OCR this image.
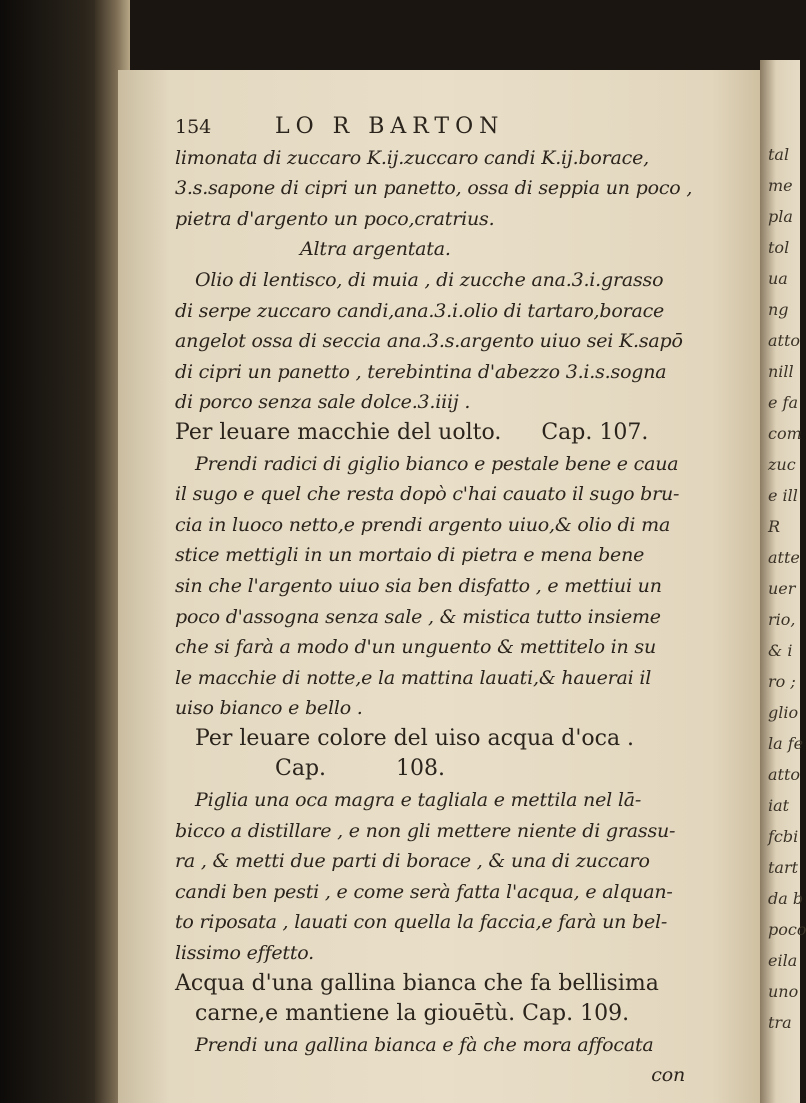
tal
me
pla
tol
ua
ng
atto
nill
e fa
com
zuc
e ill
R
atte
uer
rio,
& i
ro ;
glio
la fe
atto
iat
fcbi
tart
da b
poco
eila
uno
tra
154	LO R BARTON
limonata di zuccaro K.ij.zuccaro candi K.ij.borace,
3.s.sapone di cipri un panetto, ossa di seppia un poco ,
pietra d'argento un poco,cratrius.
Altra argentata.
Olio di lentisco, di muia , di zucche ana.3.i.grasso
di serpe zuccaro candi,ana.3.i.olio di tartaro,borace
angelot ossa di seccia ana.3.s.argento uiuo sei K.sapō
di cipri un panetto , terebintina d'abezzo 3.i.s.sogna
di porco senza sale dolce.3.iiij .
Per leuare macchie del uolto. Cap. 107.
Prendi radici di giglio bianco e pestale bene e caua
il sugo e quel che resta dopò c'hai cauato il sugo bru-
cia in luoco netto,e prendi argento uiuo,& olio di ma
stice mettigli in un mortaio di pietra e mena bene
sin che l'argento uiuo sia ben disfatto , e mettiui un
poco d'assogna senza sale , & mistica tutto insieme
che si farà a modo d'un unguento & mettitelo in su
le macchie di notte,e la mattina lauati,& hauerai il
uiso bianco e bello .
Per leuare colore del uiso acqua d'oca .
Cap.	108.
Piglia una oca magra e tagliala e mettila nel lā-
bicco a distillare , e non gli mettere niente di grassu-
ra , & metti due parti di borace , & una di zuccaro
candi ben pesti , e come serà fatta l'acqua, e alquan-
to riposata , lauati con quella la faccia,e farà un bel-
lissimo effetto.
Acqua d'una gallina bianca che fa bellisima
carne,e mantiene la giouētù. Cap. 109.
Prendi una gallina bianca e fà che mora affocata
con
